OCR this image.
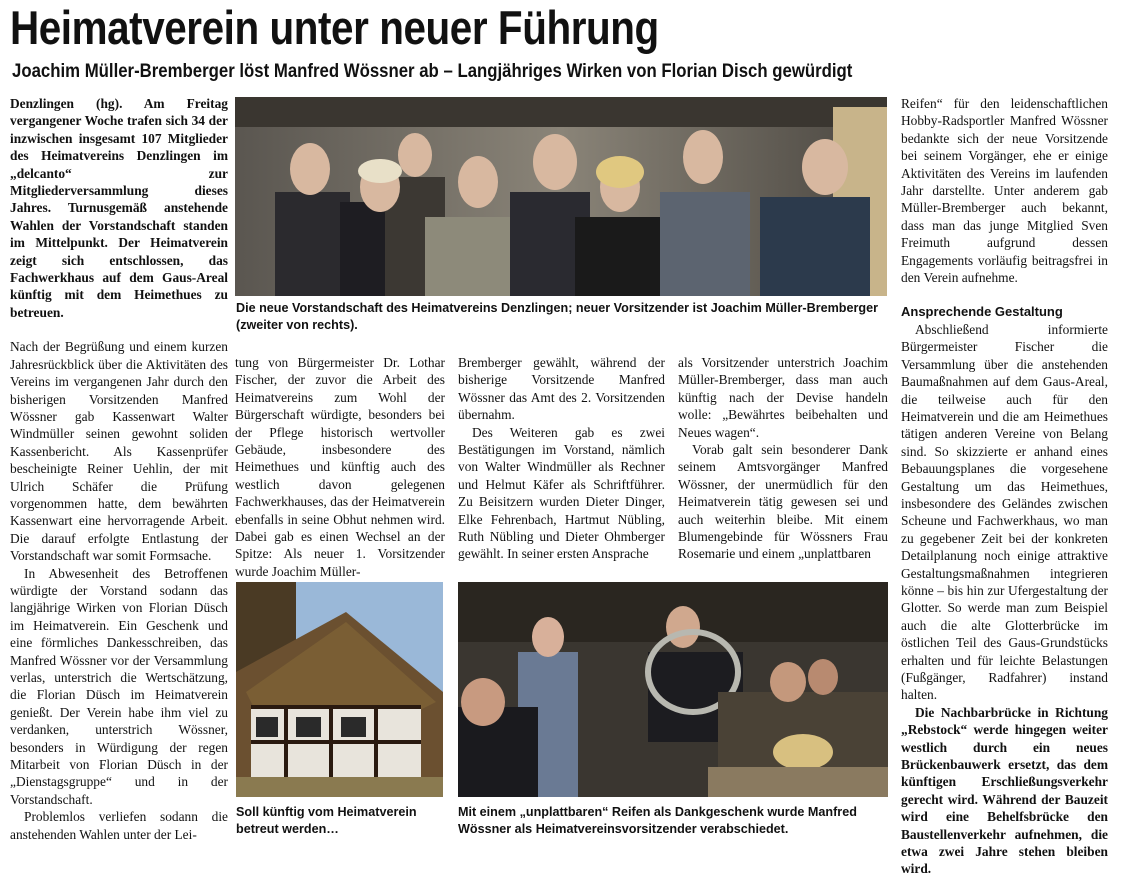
Heimatverein unter neuer Führung
Joachim Müller-Bremberger löst Manfred Wössner ab – Langjähriges Wirken von Florian Disch gewürdigt

Denzlingen (hg). Am Freitag vergangener Woche trafen sich 34 der inzwischen insgesamt 107 Mitglieder des Heimatvereins Denzlingen im „delcanto“ zur Mitgliederversammlung dieses Jahres. Turnusgemäß anstehende Wahlen der Vorstandschaft standen im Mittelpunkt. Der Heimatverein zeigt sich entschlossen, das Fachwerkhaus auf dem Gaus-Areal künftig mit dem Heimethues zu betreuen.

Nach der Begrüßung und einem kurzen Jahresrückblick über die Aktivitäten des Vereins im vergangenen Jahr durch den bisherigen Vorsitzenden Manfred Wössner gab Kassenwart Walter Windmüller seinen gewohnt soliden Kassenbericht. Als Kassenprüfer bescheinigte Reiner Uehlin, der mit Ulrich Schäfer die Prüfung vorgenommen hatte, dem bewährten Kassenwart eine hervorragende Arbeit. Die darauf erfolgte Entlastung der Vorstandschaft war somit Formsache.

In Abwesenheit des Betroffenen würdigte der Vorstand sodann das langjährige Wirken von Florian Düsch im Heimatverein. Ein Geschenk und eine förmliches Dankesschreiben, das Manfred Wössner vor der Versammlung verlas, unterstrich die Wertschätzung, die Florian Düsch im Heimatverein genießt. Der Verein habe ihm viel zu verdanken, unterstrich Wössner, besonders in Würdigung der regen Mitarbeit von Florian Düsch in der „Dienstagsgruppe“ und in der Vorstandschaft.

Problemlos verliefen sodann die anstehenden Wahlen unter der Lei-

Die neue Vorstandschaft des Heimatvereins Denzlingen; neuer Vorsitzender ist Joachim Müller-Bremberger (zweiter von rechts).

tung von Bürgermeister Dr. Lothar Fischer, der zuvor die Arbeit des Heimatvereins zum Wohl der Bürgerschaft würdigte, besonders bei der Pflege historisch wertvoller Gebäude, insbesondere des Heimethues und künftig auch des westlich davon gelegenen Fachwerkhauses, das der Heimatverein ebenfalls in seine Obhut nehmen wird. Dabei gab es einen Wechsel an der Spitze: Als neuer 1. Vorsitzender wurde Joachim Müller-

Bremberger gewählt, während der bisherige Vorsitzende Manfred Wössner das Amt des 2. Vorsitzenden übernahm.

Des Weiteren gab es zwei Bestätigungen im Vorstand, nämlich von Walter Windmüller als Rechner und Helmut Käfer als Schriftführer. Zu Beisitzern wurden Dieter Dinger, Elke Fehrenbach, Hartmut Nübling, Ruth Nübling und Dieter Ohmberger gewählt. In seiner ersten Ansprache

als Vorsitzender unterstrich Joachim Müller-Bremberger, dass man auch künftig nach der Devise handeln wolle: „Bewährtes beibehalten und Neues wagen“.

Vorab galt sein besonderer Dank seinem Amtsvorgänger Manfred Wössner, der unermüdlich für den Heimatverein tätig gewesen sei und auch weiterhin bleibe. Mit einem Blumengebinde für Wössners Frau Rosemarie und einem „unplattbaren

Soll künftig vom Heimatverein betreut werden…
Mit einem „unplattbaren“ Reifen als Dankgeschenk wurde Manfred Wössner als Heimatvereinsvorsitzender verabschiedet.

Reifen“ für den leidenschaftlichen Hobby-Radsportler Manfred Wössner bedankte sich der neue Vorsitzende bei seinem Vorgänger, ehe er einige Aktivitäten des Vereins im laufenden Jahr darstellte. Unter anderem gab Müller-Bremberger auch bekannt, dass man das junge Mitglied Sven Freimuth aufgrund dessen Engagements vorläufig beitragsfrei in den Verein aufnehme.

Ansprechende Gestaltung

Abschließend informierte Bürgermeister Fischer die Versammlung über die anstehenden Baumaßnahmen auf dem Gaus-Areal, die teilweise auch für den Heimatverein und die am Heimethues tätigen anderen Vereine von Belang sind. So skizzierte er anhand eines Bebauungsplanes die vorgesehene Gestaltung um das Heimethues, insbesondere des Geländes zwischen Scheune und Fachwerkhaus, wo man zu gegebener Zeit bei der konkreten Detailplanung noch einige attraktive Gestaltungsmaßnahmen integrieren könne – bis hin zur Ufergestaltung der Glotter. So werde man zum Beispiel auch die alte Glotterbrücke im östlichen Teil des Gaus-Grundstücks erhalten und für leichte Belastungen (Fußgänger, Radfahrer) instand halten.

Die Nachbarbrücke in Richtung „Rebstock“ werde hingegen weiter westlich durch ein neues Brückenbauwerk ersetzt, das dem künftigen Erschließungsverkehr gerecht wird. Während der Bauzeit wird eine Behelfsbrücke den Baustellenverkehr aufnehmen, die etwa zwei Jahre stehen bleiben wird.
